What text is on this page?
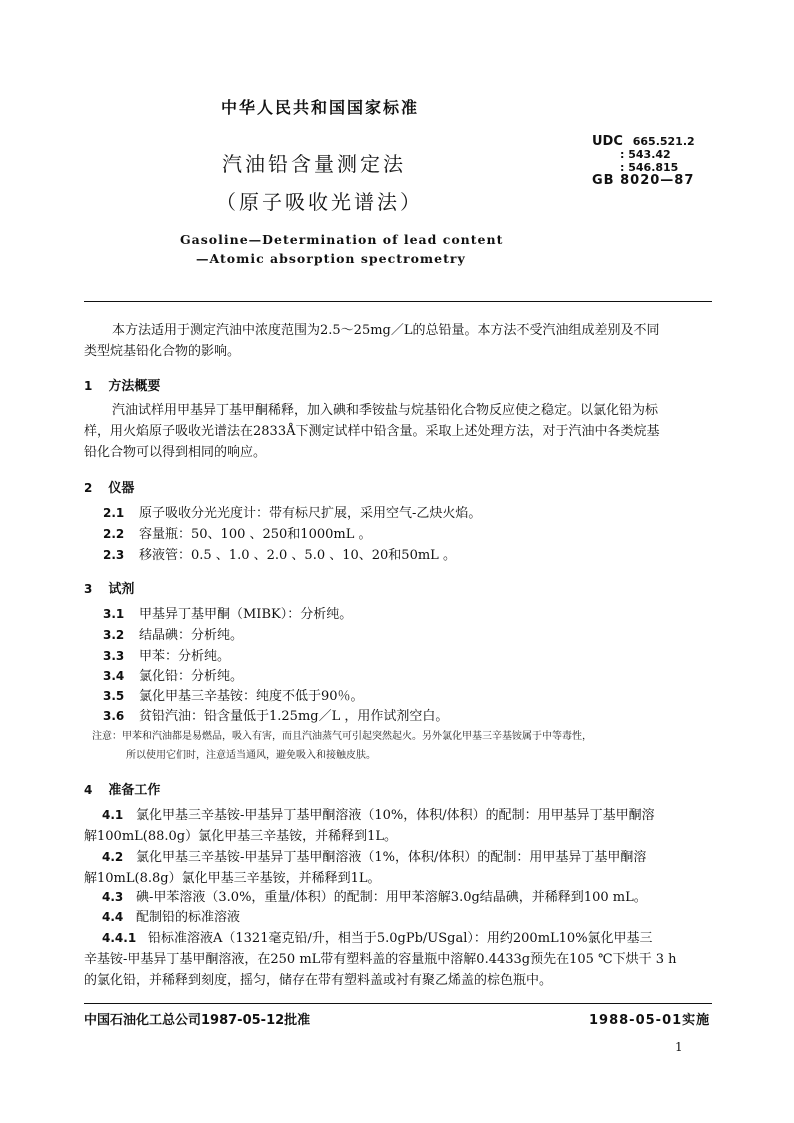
中华人民共和国国家标准
汽油铅含量测定法
（原子吸收光谱法）
Gasoline—Determination of lead content
—Atomic absorption spectrometry
UDC 665.521.2
: 543.42
: 546.815
GB 8020—87
本方法适用于测定汽油中浓度范围为2.5～25mg／L的总铅量。本方法不受汽油组成差别及不同
类型烷基铅化合物的影响。
1 方法概要
汽油试样用甲基异丁基甲酮稀释，加入碘和季铵盐与烷基铅化合物反应使之稳定。以氯化铅为标
样，用火焰原子吸收光谱法在2833Å下测定试样中铅含量。采取上述处理方法，对于汽油中各类烷基
铅化合物可以得到相同的响应。
2 仪器
2.1 原子吸收分光光度计：带有标尺扩展，采用空气-乙炔火焰。
2.2 容量瓶：50、100 、250和1000mL 。
2.3 移液管：0.5 、1.0 、2.0 、5.0 、10、20和50mL 。
3 试剂
3.1 甲基异丁基甲酮（MIBK）：分析纯。
3.2 结晶碘：分析纯。
3.3 甲苯：分析纯。
3.4 氯化铅：分析纯。
3.5 氯化甲基三辛基铵：纯度不低于90％。
3.6 贫铅汽油：铅含量低于1.25mg／L ，用作试剂空白。
注意：甲苯和汽油都是易燃品，吸入有害，而且汽油蒸气可引起突然起火。另外氯化甲基三辛基铵属于中等毒性，
所以使用它们时，注意适当通风，避免吸入和接触皮肤。
4 准备工作
4.1 氯化甲基三辛基铵-甲基异丁基甲酮溶液（10%，体积/体积）的配制：用甲基异丁基甲酮溶
解100mL(88.0g）氯化甲基三辛基铵，并稀释到1L。
4.2 氯化甲基三辛基铵-甲基异丁基甲酮溶液（1%，体积/体积）的配制：用甲基异丁基甲酮溶
解10mL(8.8g）氯化甲基三辛基铵，并稀释到1L。
4.3 碘-甲苯溶液（3.0%，重量/体积）的配制：用甲苯溶解3.0g结晶碘，并稀释到100 mL。
4.4 配制铅的标准溶液
4.4.1 铅标准溶液A（1321毫克铅/升，相当于5.0gPb/USgal）：用约200mL10%氯化甲基三
辛基铵-甲基异丁基甲酮溶液，在250 mL带有塑料盖的容量瓶中溶解0.4433g预先在105 ℃下烘干 3 h
的氯化铅，并稀释到刻度，摇匀，储存在带有塑料盖或衬有聚乙烯盖的棕色瓶中。
中国石油化工总公司1987-05-12批准	1988-05-01实施
1
